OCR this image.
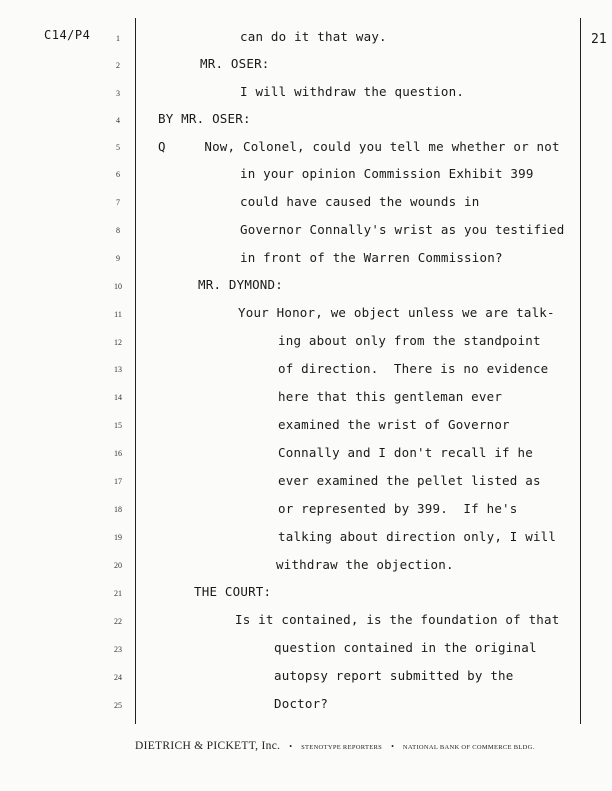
C14/P4	21
1
2
3
4
5
6
7
8
9
10
11
12
13
14
15
16
17
18
19
20
21
22
23
24
25
can do it that way.
MR. OSER:
I will withdraw the question.
BY MR. OSER:
Q     Now, Colonel, could you tell me whether or not
in your opinion Commission Exhibit 399
could have caused the wounds in
Governor Connally's wrist as you testified
in front of the Warren Commission?
MR. DYMOND:
Your Honor, we object unless we are talk-
ing about only from the standpoint
of direction.  There is no evidence
here that this gentleman ever
examined the wrist of Governor
Connally and I don't recall if he
ever examined the pellet listed as
or represented by 399.  If he's
talking about direction only, I will
withdraw the objection.
THE COURT:
Is it contained, is the foundation of that
question contained in the original
autopsy report submitted by the
Doctor?
DIETRICH & PICKETT, Inc. • STENOTYPE REPORTERS • NATIONAL BANK OF COMMERCE BLDG.
